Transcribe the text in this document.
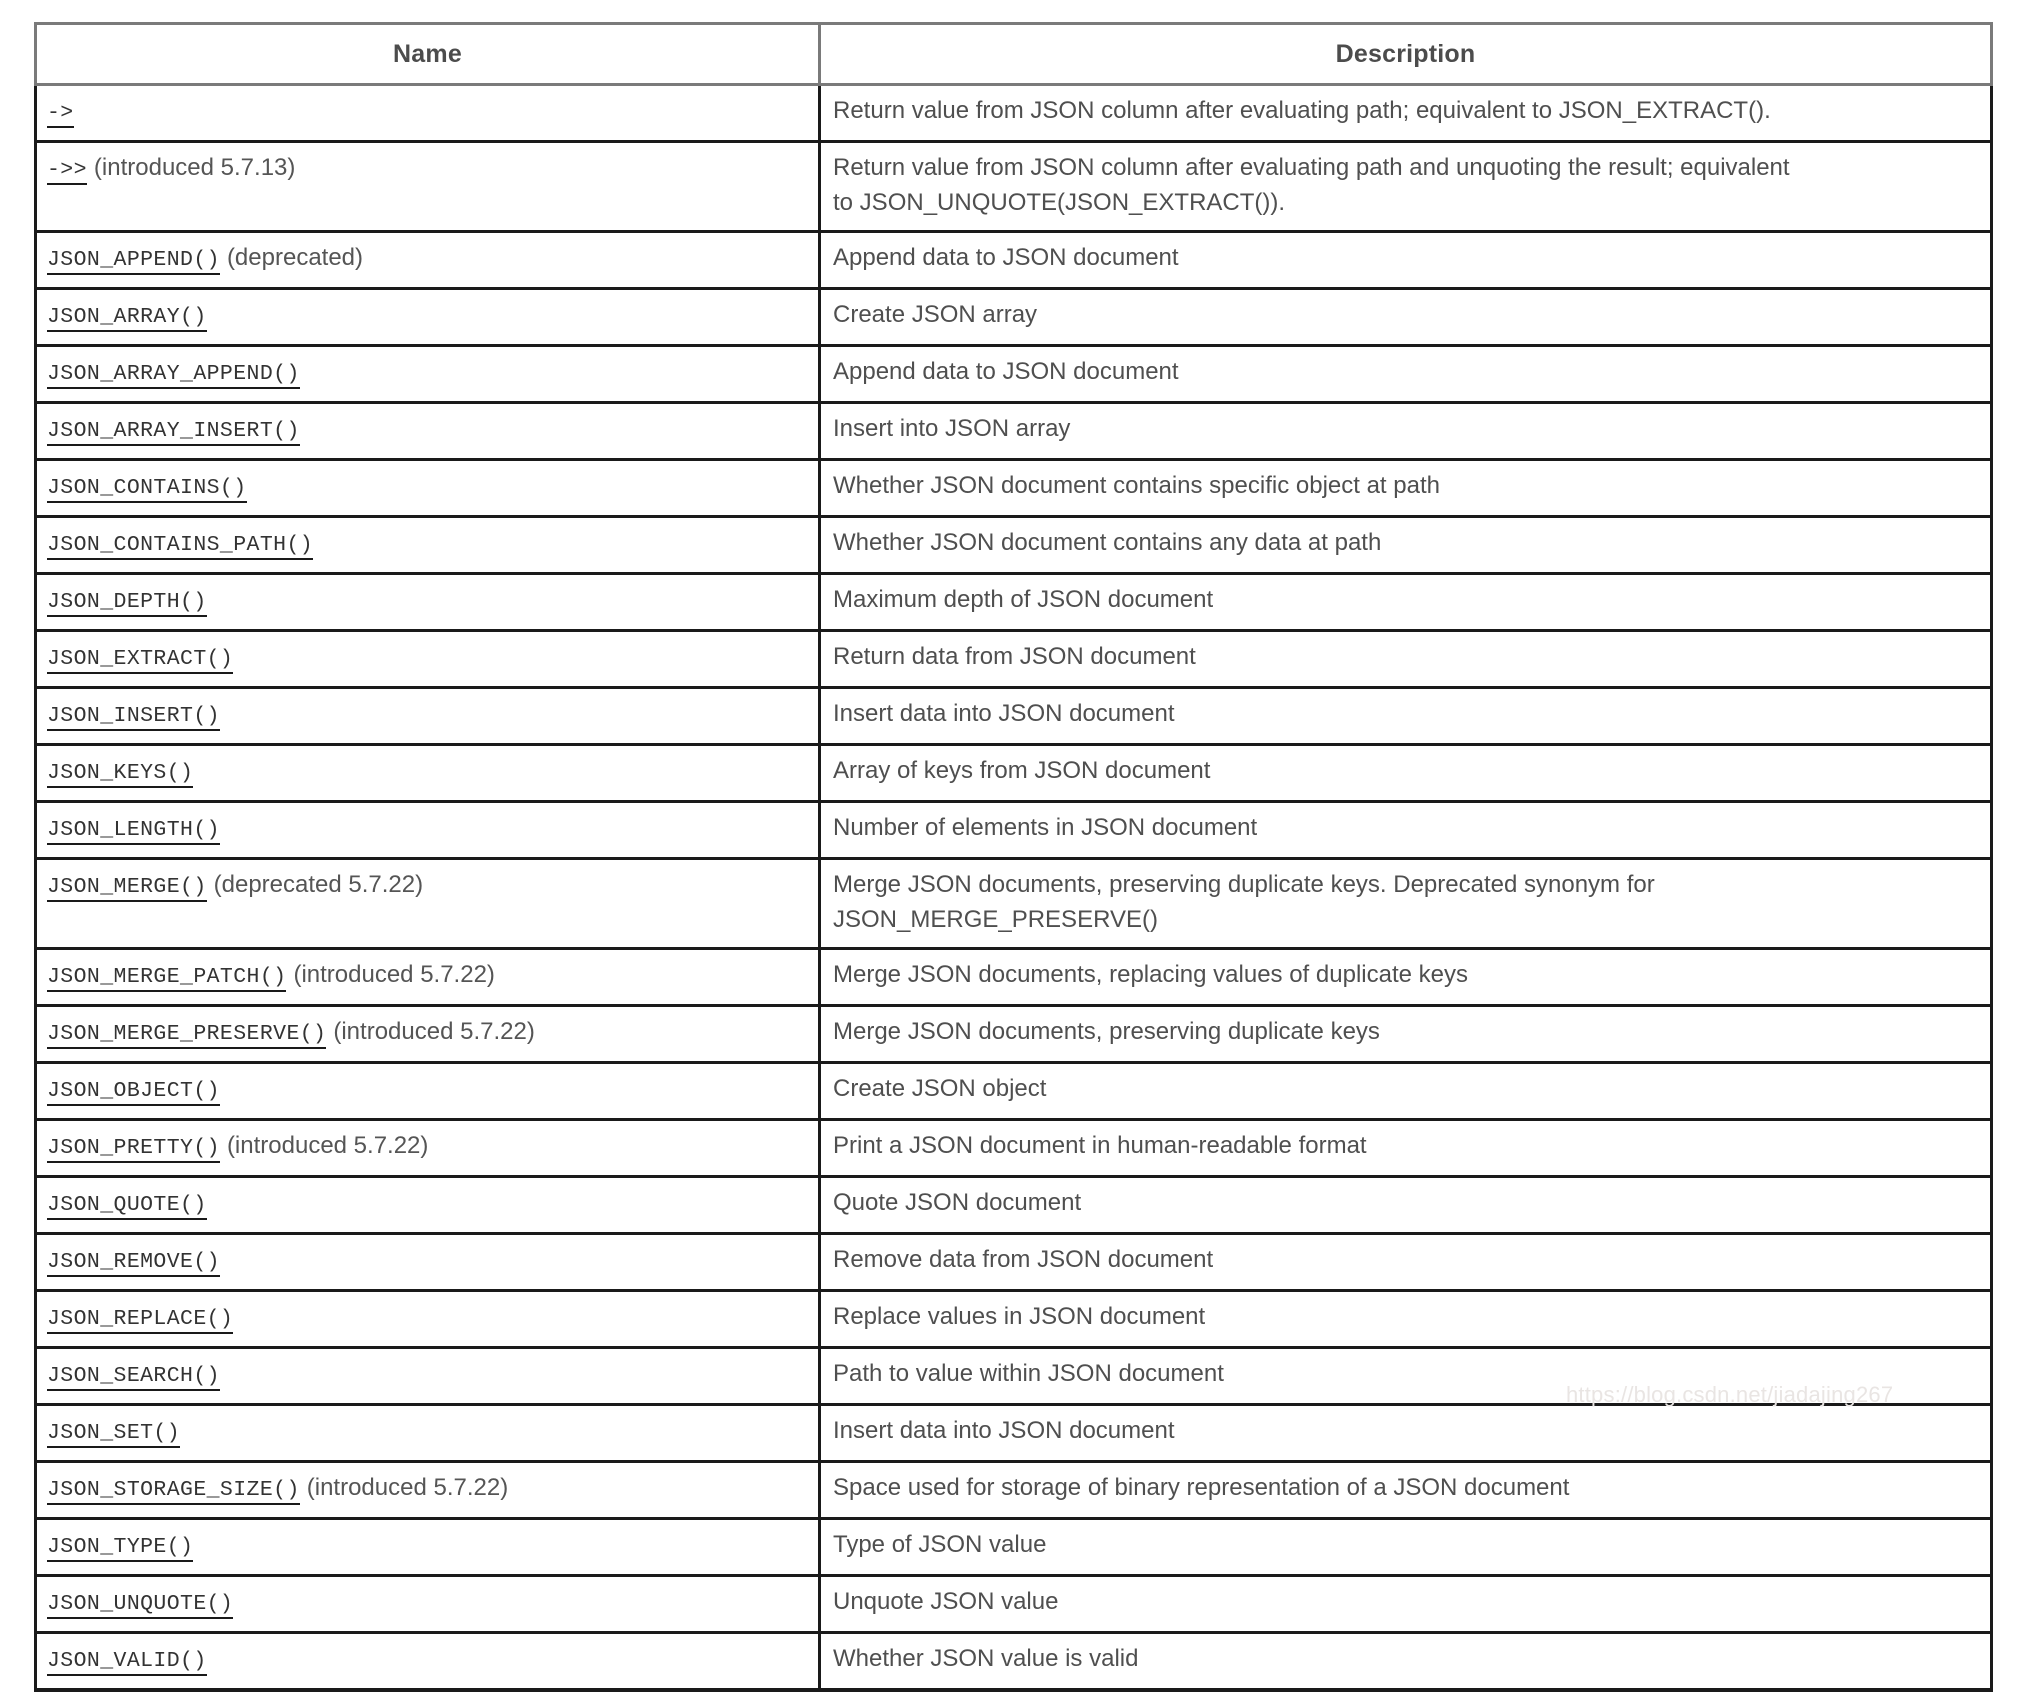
Name	Description
->	Return value from JSON column after evaluating path; equivalent to JSON_EXTRACT().
->> (introduced 5.7.13)	Return value from JSON column after evaluating path and unquoting the result; equivalent
to JSON_UNQUOTE(JSON_EXTRACT()).

JSON_APPEND() (deprecated)	Append data to JSON document
JSON_ARRAY()	Create JSON array
JSON_ARRAY_APPEND()	Append data to JSON document
JSON_ARRAY_INSERT()	Insert into JSON array
JSON_CONTAINS()	Whether JSON document contains specific object at path
JSON_CONTAINS_PATH()	Whether JSON document contains any data at path
JSON_DEPTH()	Maximum depth of JSON document
JSON_EXTRACT()	Return data from JSON document
JSON_INSERT()	Insert data into JSON document
JSON_KEYS()	Array of keys from JSON document
JSON_LENGTH()	Number of elements in JSON document
JSON_MERGE() (deprecated 5.7.22)	Merge JSON documents, preserving duplicate keys. Deprecated synonym for
JSON_MERGE_PRESERVE()

JSON_MERGE_PATCH() (introduced 5.7.22)	Merge JSON documents, replacing values of duplicate keys
JSON_MERGE_PRESERVE() (introduced 5.7.22)	Merge JSON documents, preserving duplicate keys
JSON_OBJECT()	Create JSON object
JSON_PRETTY() (introduced 5.7.22)	Print a JSON document in human-readable format
JSON_QUOTE()	Quote JSON document
JSON_REMOVE()	Remove data from JSON document
JSON_REPLACE()	Replace values in JSON document
JSON_SEARCH()	Path to value within JSON document
JSON_SET()	Insert data into JSON document
JSON_STORAGE_SIZE() (introduced 5.7.22)	Space used for storage of binary representation of a JSON document
JSON_TYPE()	Type of JSON value
JSON_UNQUOTE()	Unquote JSON value
JSON_VALID()	Whether JSON value is valid
https://blog.csdn.net/jiadajing267
